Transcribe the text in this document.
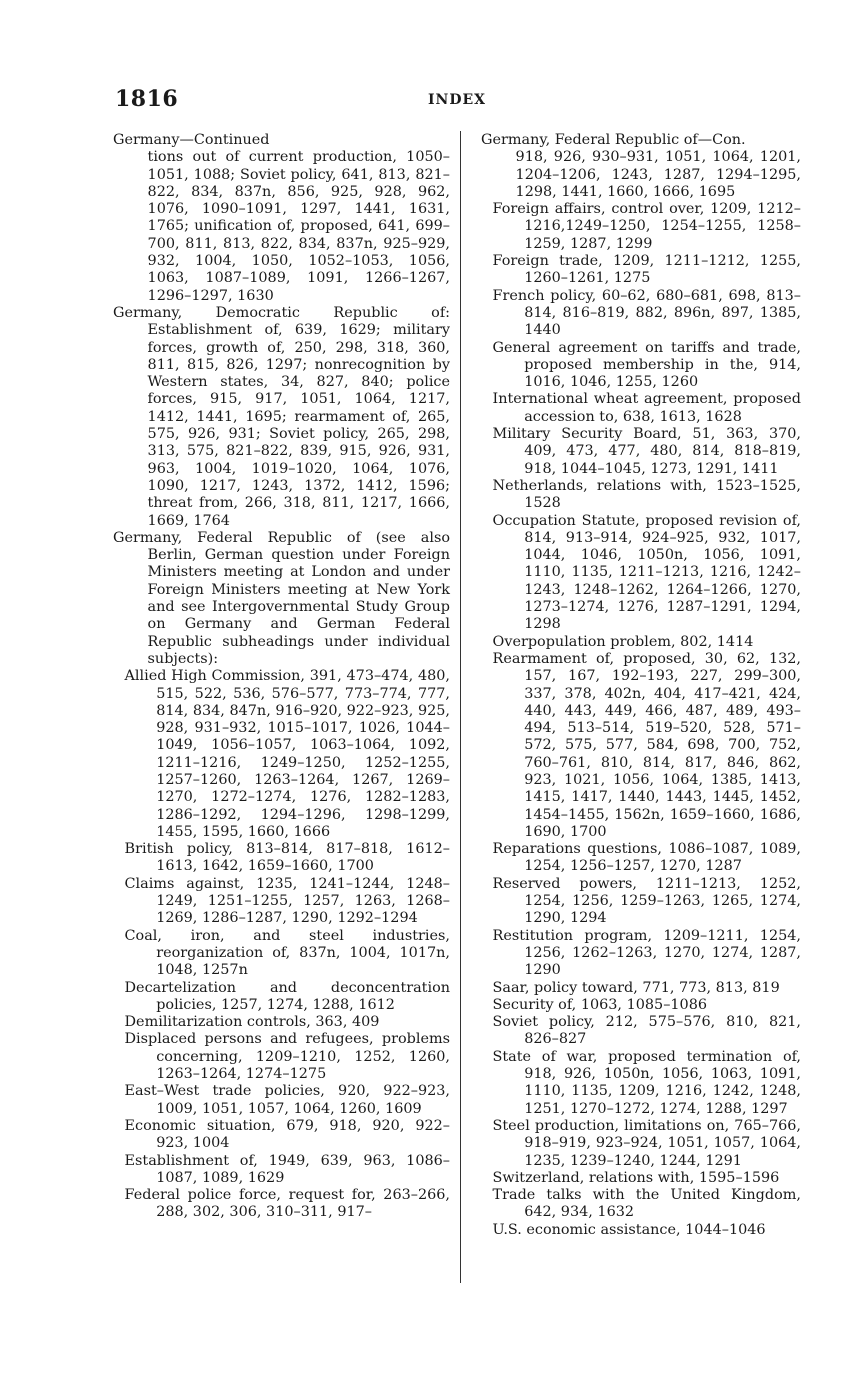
1816	INDEX

Germany—Continued

tions out of current production, 1050–1051, 1088; Soviet policy, 641, 813, 821–822, 834, 837n, 856, 925, 928, 962, 1076, 1090–1091, 1297, 1441, 1631, 1765; unification of, proposed, 641, 699–700, 811, 813, 822, 834, 837n, 925–929, 932, 1004, 1050, 1052–1053, 1056, 1063, 1087–1089, 1091, 1266–1267, 1296–1297, 1630

Germany, Democratic Republic of: Establishment of, 639, 1629; military forces, growth of, 250, 298, 318, 360, 811, 815, 826, 1297; nonrecognition by Western states, 34, 827, 840; police forces, 915, 917, 1051, 1064, 1217, 1412, 1441, 1695; rearmament of, 265, 575, 926, 931; Soviet policy, 265, 298, 313, 575, 821–822, 839, 915, 926, 931, 963, 1004, 1019–1020, 1064, 1076, 1090, 1217, 1243, 1372, 1412, 1596; threat from, 266, 318, 811, 1217, 1666, 1669, 1764

Germany, Federal Republic of (see also Berlin, German question under Foreign Ministers meeting at London and under Foreign Ministers meeting at New York and see Intergovernmental Study Group on Germany and German Federal Republic subheadings under individual subjects):

Allied High Commission, 391, 473–474, 480, 515, 522, 536, 576–577, 773–774, 777, 814, 834, 847n, 916–920, 922–923, 925, 928, 931–932, 1015–1017, 1026, 1044–1049, 1056–1057, 1063–1064, 1092, 1211–1216, 1249–1250, 1252–1255, 1257–1260, 1263–1264, 1267, 1269–1270, 1272–1274, 1276, 1282–1283, 1286–1292, 1294–1296, 1298–1299, 1455, 1595, 1660, 1666

British policy, 813–814, 817–818, 1612–1613, 1642, 1659–1660, 1700

Claims against, 1235, 1241–1244, 1248–1249, 1251–1255, 1257, 1263, 1268–1269, 1286–1287, 1290, 1292–1294

Coal, iron, and steel industries, reorganization of, 837n, 1004, 1017n, 1048, 1257n

Decartelization and deconcentration policies, 1257, 1274, 1288, 1612

Demilitarization controls, 363, 409

Displaced persons and refugees, problems concerning, 1209–1210, 1252, 1260, 1263–1264, 1274–1275

East–West trade policies, 920, 922–923, 1009, 1051, 1057, 1064, 1260, 1609

Economic situation, 679, 918, 920, 922–923, 1004

Establishment of, 1949, 639, 963, 1086–1087, 1089, 1629

Federal police force, request for, 263–266, 288, 302, 306, 310–311, 917–

Germany, Federal Republic of—Con.

918, 926, 930–931, 1051, 1064, 1201, 1204–1206, 1243, 1287, 1294–1295, 1298, 1441, 1660, 1666, 1695

Foreign affairs, control over, 1209, 1212–1216,1249–1250, 1254–1255, 1258–1259, 1287, 1299

Foreign trade, 1209, 1211–1212, 1255, 1260–1261, 1275

French policy, 60–62, 680–681, 698, 813–814, 816–819, 882, 896n, 897, 1385, 1440

General agreement on tariffs and trade, proposed membership in the, 914, 1016, 1046, 1255, 1260

International wheat agreement, proposed accession to, 638, 1613, 1628

Military Security Board, 51, 363, 370, 409, 473, 477, 480, 814, 818–819, 918, 1044–1045, 1273, 1291, 1411

Netherlands, relations with, 1523–1525, 1528

Occupation Statute, proposed revision of, 814, 913–914, 924–925, 932, 1017, 1044, 1046, 1050n, 1056, 1091, 1110, 1135, 1211–1213, 1216, 1242–1243, 1248–1262, 1264–1266, 1270, 1273–1274, 1276, 1287–1291, 1294, 1298

Overpopulation problem, 802, 1414

Rearmament of, proposed, 30, 62, 132, 157, 167, 192–193, 227, 299–300, 337, 378, 402n, 404, 417–421, 424, 440, 443, 449, 466, 487, 489, 493–494, 513–514, 519–520, 528, 571–572, 575, 577, 584, 698, 700, 752, 760–761, 810, 814, 817, 846, 862, 923, 1021, 1056, 1064, 1385, 1413, 1415, 1417, 1440, 1443, 1445, 1452, 1454–1455, 1562n, 1659–1660, 1686, 1690, 1700

Reparations questions, 1086–1087, 1089, 1254, 1256–1257, 1270, 1287

Reserved powers, 1211–1213, 1252, 1254, 1256, 1259–1263, 1265, 1274, 1290, 1294

Restitution program, 1209–1211, 1254, 1256, 1262–1263, 1270, 1274, 1287, 1290

Saar, policy toward, 771, 773, 813, 819

Security of, 1063, 1085–1086

Soviet policy, 212, 575–576, 810, 821, 826–827

State of war, proposed termination of, 918, 926, 1050n, 1056, 1063, 1091, 1110, 1135, 1209, 1216, 1242, 1248, 1251, 1270–1272, 1274, 1288, 1297

Steel production, limitations on, 765–766, 918–919, 923–924, 1051, 1057, 1064, 1235, 1239–1240, 1244, 1291

Switzerland, relations with, 1595–1596

Trade talks with the United Kingdom, 642, 934, 1632

U.S. economic assistance, 1044–1046
